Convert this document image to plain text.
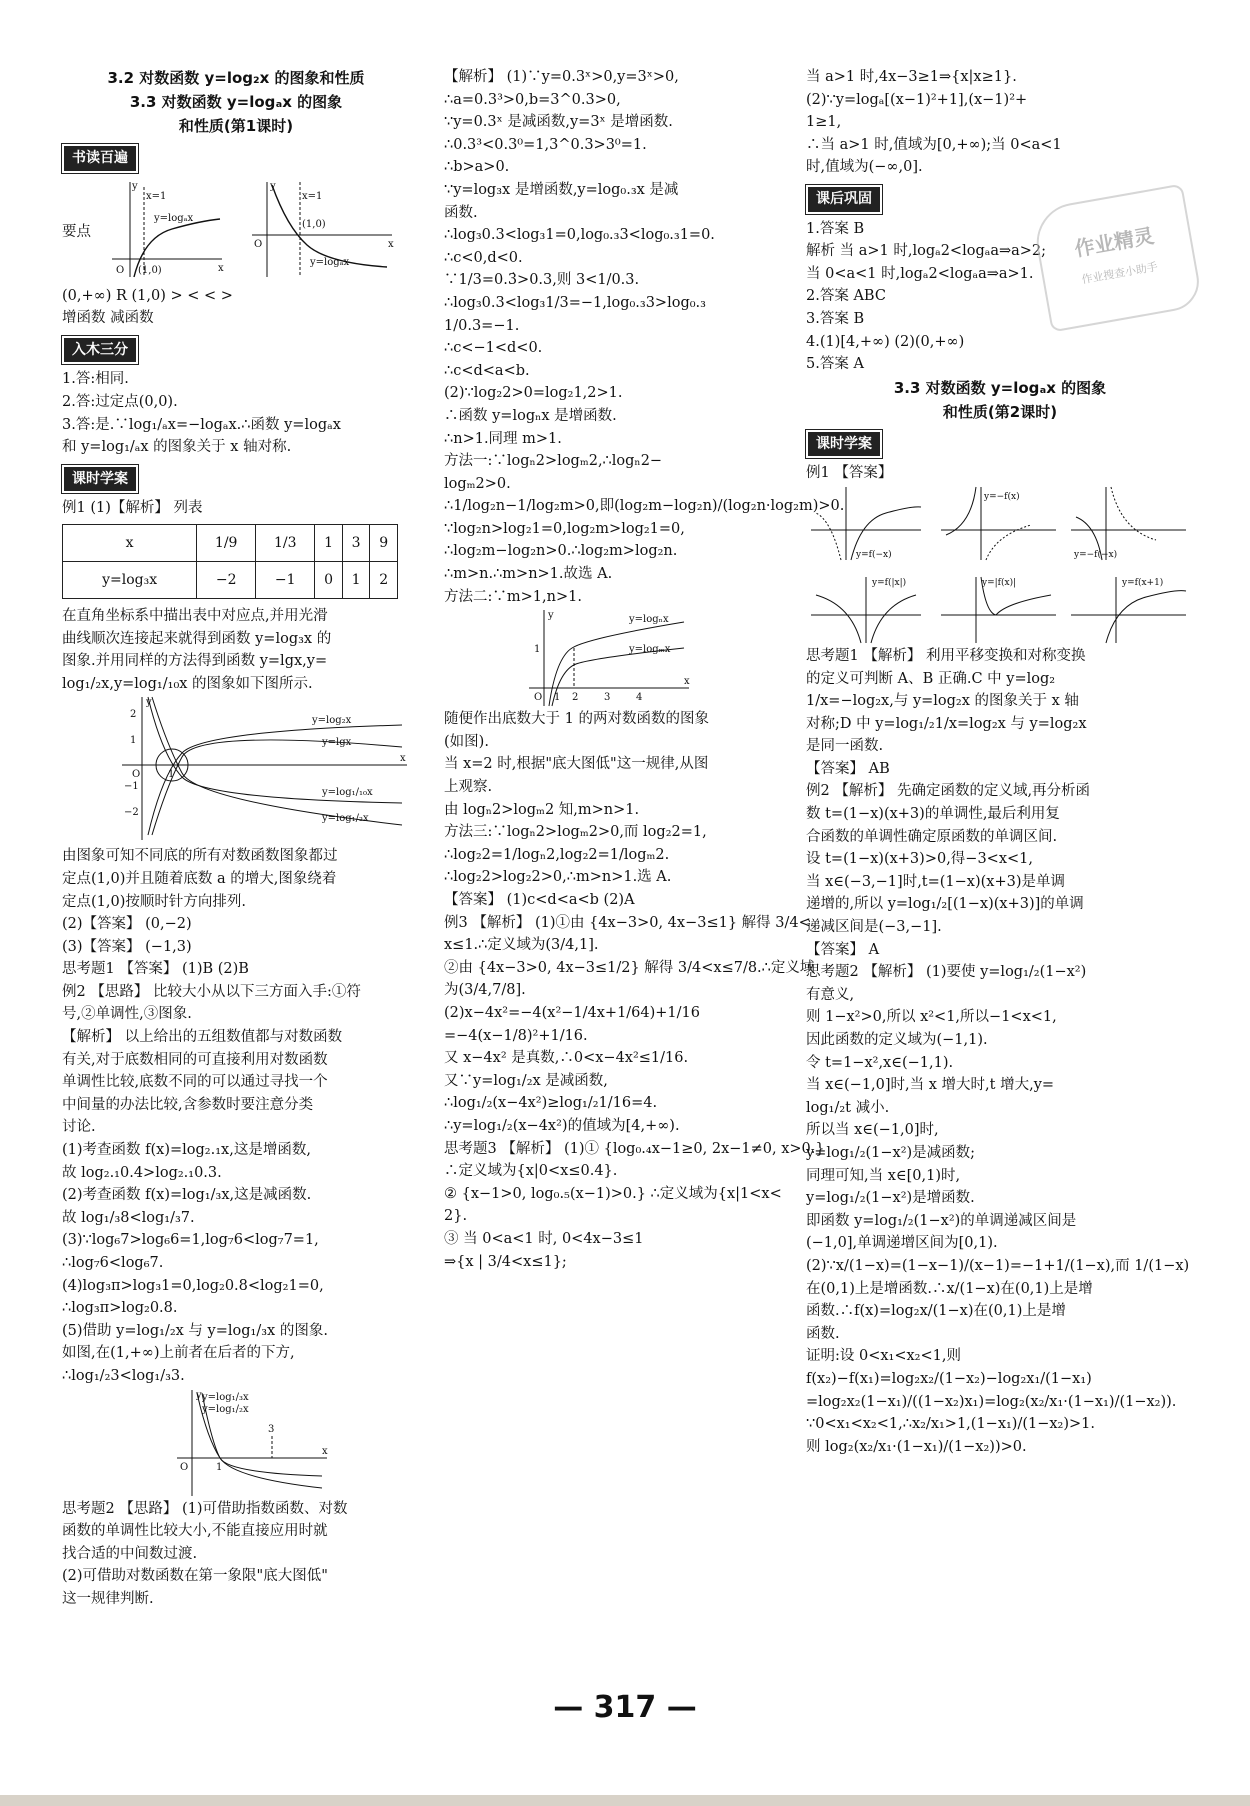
3.2 对数函数 y=log₂x 的图象和性质
3.3 对数函数 y=logₐx 的图象
和性质(第1课时)
书读百遍
要点
x=1
y=logₐx
O (1,0)	x
y
x=1
(1,0)
y=logₐx
O	x
y
(0,+∞) R (1,0) > < < >
增函数 减函数
入木三分
1.答:相同.
2.答:过定点(0,0).
3.答:是.∵log₁/ₐx=−logₐx.∴函数 y=logₐx
和 y=log₁/ₐx 的图象关于 x 轴对称.
课时学案
例1 (1)【解析】 列表
x	1/9	1/3	1	3	9
y=log₃x	−2	−1	0	1	2
在直角坐标系中描出表中对应点,并用光滑
曲线顺次连接起来就得到函数 y=log₃x 的
图象.并用同样的方法得到函数 y=lgx,y=
log₁/₂x,y=log₁/₁₀x 的图象如下图所示.
y=log₂x
y=lgx
y=log₁/₁₀x
y=log₁/₂x
2
1
−1
−2
O	1
x
y
由图象可知不同底的所有对数函数图象都过
定点(1,0)并且随着底数 a 的增大,图象绕着
定点(1,0)按顺时针方向排列.
(2)【答案】 (0,−2)
(3)【答案】 (−1,3)
思考题1 【答案】 (1)B (2)B
例2 【思路】 比较大小从以下三方面入手:①符
号,②单调性,③图象.
【解析】 以上给出的五组数值都与对数函数
有关,对于底数相同的可直接利用对数函数
单调性比较,底数不同的可以通过寻找一个
中间量的办法比较,含参数时要注意分类
讨论.
(1)考查函数 f(x)=log₂.₁x,这是增函数,
故 log₂.₁0.4>log₂.₁0.3.
(2)考查函数 f(x)=log₁/₃x,这是减函数.
故 log₁/₃8<log₁/₃7.
(3)∵log₆7>log₆6=1,log₇6<log₇7=1,
∴log₇6<log₆7.
(4)log₃π>log₃1=0,log₂0.8<log₂1=0,
∴log₃π>log₂0.8.
(5)借助 y=log₁/₂x 与 y=log₁/₃x 的图象.
如图,在(1,+∞)上前者在后者的下方,
∴log₁/₂3<log₁/₃3.
y=log₁/₃x
y=log₁/₂x
O	1
3
x
y
思考题2 【思路】 (1)可借助指数函数、对数
函数的单调性比较大小,不能直接应用时就
找合适的中间数过渡.
(2)可借助对数函数在第一象限"底大图低"
这一规律判断.
【解析】 (1)∵y=0.3ˣ>0,y=3ˣ>0,
∴a=0.3³>0,b=3^0.3>0,
∵y=0.3ˣ 是减函数,y=3ˣ 是增函数.
∴0.3³<0.3⁰=1,3^0.3>3⁰=1.
∴b>a>0.
∵y=log₃x 是增函数,y=log₀.₃x 是减
函数.
∴log₃0.3<log₃1=0,log₀.₃3<log₀.₃1=0.
∴c<0,d<0.
∵1/3=0.3̇>0.3,则 3<1/0.3.
∴log₃0.3<log₃1/3=−1,log₀.₃3>log₀.₃
1/0.3=−1.
∴c<−1<d<0.
∴c<d<a<b.
(2)∵log₂2>0=log₂1,2>1.
∴函数 y=logₙx 是增函数.
∴n>1.同理 m>1.
方法一:∵logₙ2>logₘ2,∴logₙ2−
logₘ2>0.
∴1/log₂n−1/log₂m>0,即(log₂m−log₂n)/(log₂n·log₂m)>0.
∵log₂n>log₂1=0,log₂m>log₂1=0,
∴log₂m−log₂n>0.∴log₂m>log₂n.
∴m>n.∴m>n>1.故选 A.
方法二:∵m>1,n>1.
y=logₙx
y=logₘx
1
O 1 2	3	4
x
y
随便作出底数大于 1 的两对数函数的图象
(如图).
当 x=2 时,根据"底大图低"这一规律,从图
上观察.
由 logₙ2>logₘ2 知,m>n>1.
方法三:∵logₙ2>logₘ2>0,而 log₂2=1,
∴log₂2=1/logₙ2,log₂2=1/logₘ2.
∴log₂2>log₂2>0,∴m>n>1.选 A.
【答案】 (1)c<d<a<b (2)A
例3 【解析】 (1)①由 {4x−3>0, 4x−3≤1} 解得 3/4<
x≤1.∴定义域为(3/4,1].
②由 {4x−3>0, 4x−3≤1/2} 解得 3/4<x≤7/8.∴定义域
为(3/4,7/8].
(2)x−4x²=−4(x²−1/4x+1/64)+1/16
=−4(x−1/8)²+1/16.
又 x−4x² 是真数,∴0<x−4x²≤1/16.
又∵y=log₁/₂x 是减函数,
∴log₁/₂(x−4x²)≥log₁/₂1/16=4.
∴y=log₁/₂(x−4x²)的值域为[4,+∞).
思考题3 【解析】 (1)① {log₀.₄x−1≥0, 2x−1≠0, x>0.}
∴定义域为{x|0<x≤0.4}.
② {x−1>0, log₀.₅(x−1)>0.} ∴定义域为{x|1<x<
2}.
③ 当 0<a<1 时, 0<4x−3≤1
⇒{x | 3/4<x≤1};
当 a>1 时,4x−3≥1⇒{x|x≥1}.
(2)∵y=logₐ[(x−1)²+1],(x−1)²+
1≥1,
∴当 a>1 时,值域为[0,+∞);当 0<a<1
时,值域为(−∞,0].
课后巩固
1.答案 B
解析 当 a>1 时,logₐ2<logₐa⇒a>2;
当 0<a<1 时,logₐ2<logₐa⇒a>1.
2.答案 ABC
3.答案 B
4.(1)[4,+∞) (2)(0,+∞)
5.答案 A
3.3 对数函数 y=logₐx 的图象
和性质(第2课时)
课时学案
例1 【答案】
y=f(−x)
y=−f(x)
y=−f(−x)
y=f(|x|)	y=|f(x)|	y=f(x+1)
思考题1 【解析】 利用平移变换和对称变换
的定义可判断 A、B 正确.C 中 y=log₂
1/x=−log₂x,与 y=log₂x 的图象关于 x 轴
对称;D 中 y=log₁/₂1/x=log₂x 与 y=log₂x
是同一函数.
【答案】 AB
例2 【解析】 先确定函数的定义域,再分析函
数 t=(1−x)(x+3)的单调性,最后利用复
合函数的单调性确定原函数的单调区间.
设 t=(1−x)(x+3)>0,得−3<x<1,
当 x∈(−3,−1]时,t=(1−x)(x+3)是单调
递增的,所以 y=log₁/₂[(1−x)(x+3)]的单调
递减区间是(−3,−1].
【答案】 A
思考题2 【解析】 (1)要使 y=log₁/₂(1−x²)
有意义,
则 1−x²>0,所以 x²<1,所以−1<x<1,
因此函数的定义域为(−1,1).
令 t=1−x²,x∈(−1,1).
当 x∈(−1,0]时,当 x 增大时,t 增大,y=
log₁/₂t 减小.
所以当 x∈(−1,0]时,
y=log₁/₂(1−x²)是减函数;
同理可知,当 x∈[0,1)时,
y=log₁/₂(1−x²)是增函数.
即函数 y=log₁/₂(1−x²)的单调递减区间是
(−1,0],单调递增区间为[0,1).
(2)∵x/(1−x)=(1−x−1)/(x−1)=−1+1/(1−x),而 1/(1−x)
在(0,1)上是增函数.∴x/(1−x)在(0,1)上是增
函数.∴f(x)=log₂x/(1−x)在(0,1)上是增
函数.
证明:设 0<x₁<x₂<1,则
f(x₂)−f(x₁)=log₂x₂/(1−x₂)−log₂x₁/(1−x₁)
=log₂x₂(1−x₁)/((1−x₂)x₁)=log₂(x₂/x₁·(1−x₁)/(1−x₂)).
∵0<x₁<x₂<1,∴x₂/x₁>1,(1−x₁)/(1−x₂)>1.
则 log₂(x₂/x₁·(1−x₁)/(1−x₂))>0.
作业精灵
作业搜查小助手
— 317 —
